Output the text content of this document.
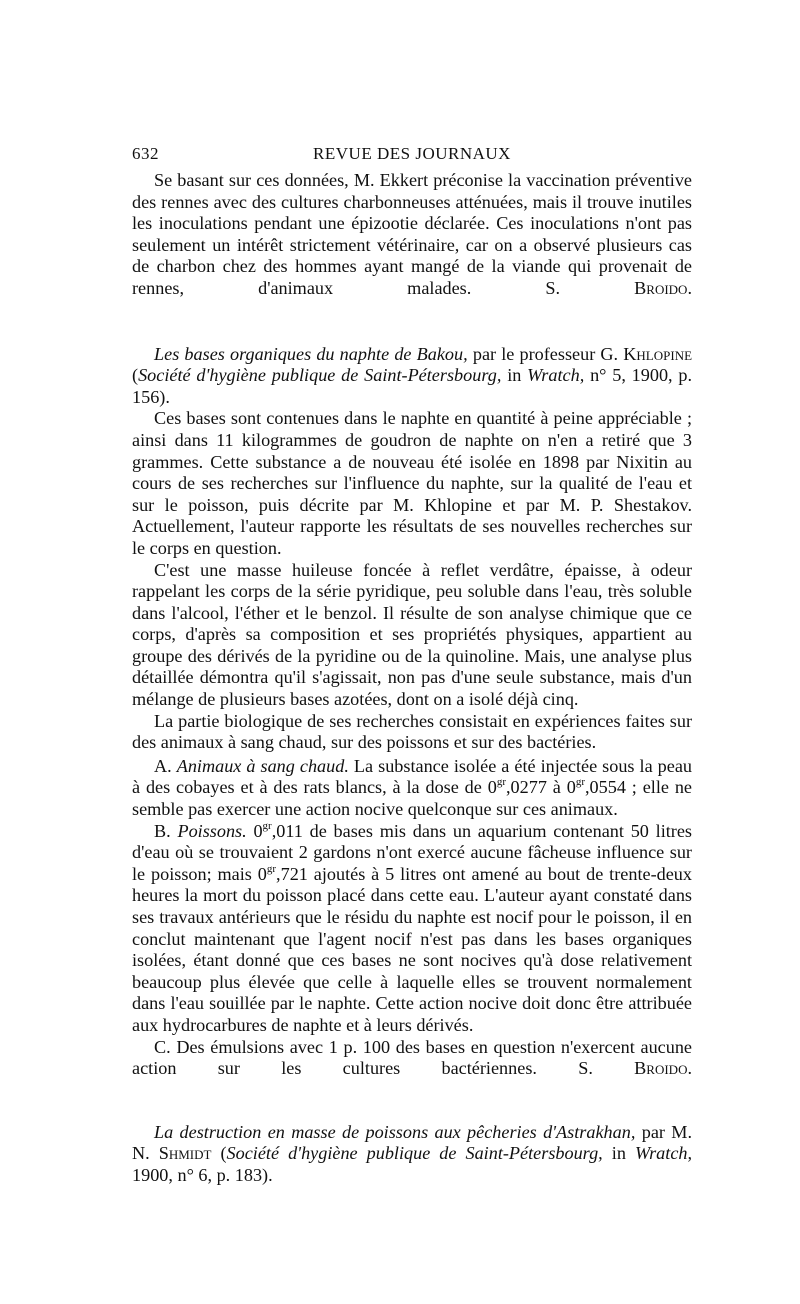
632	REVUE DES JOURNAUX

Se basant sur ces données, M. Ekkert préconise la vaccination préventive des rennes avec des cultures charbonneuses atténuées, mais il trouve inutiles les inoculations pendant une épizootie déclarée. Ces inoculations n'ont pas seulement un intérêt strictement vétérinaire, car on a observé plusieurs cas de charbon chez des hommes ayant mangé de la viande qui provenait de rennes, d'animaux malades.	S. Broido.

Les bases organiques du naphte de Bakou, par le professeur G. Khlopine (Société d'hygiène publique de Saint-Pétersbourg, in Wratch, n° 5, 1900, p. 156).

Ces bases sont contenues dans le naphte en quantité à peine appréciable ; ainsi dans 11 kilogrammes de goudron de naphte on n'en a retiré que 3 grammes. Cette substance a de nouveau été isolée en 1898 par Nixitin au cours de ses recherches sur l'influence du naphte, sur la qualité de l'eau et sur le poisson, puis décrite par M. Khlopine et par M. P. Shestakov. Actuellement, l'auteur rapporte les résultats de ses nouvelles recherches sur le corps en question.

C'est une masse huileuse foncée à reflet verdâtre, épaisse, à odeur rappelant les corps de la série pyridique, peu soluble dans l'eau, très soluble dans l'alcool, l'éther et le benzol. Il résulte de son analyse chimique que ce corps, d'après sa composition et ses propriétés physiques, appartient au groupe des dérivés de la pyridine ou de la quinoline. Mais, une analyse plus détaillée démontra qu'il s'agissait, non pas d'une seule substance, mais d'un mélange de plusieurs bases azotées, dont on a isolé déjà cinq.

La partie biologique de ses recherches consistait en expériences faites sur des animaux à sang chaud, sur des poissons et sur des bactéries.

A. Animaux à sang chaud. La substance isolée a été injectée sous la peau à des cobayes et à des rats blancs, à la dose de $0^{gr},0277$ à $0^{gr},0554$ ; elle ne semble pas exercer une action nocive quelconque sur ces animaux.

B. Poissons. $0^{gr},011$ de bases mis dans un aquarium contenant 50 litres d'eau où se trouvaient 2 gardons n'ont exercé aucune fâcheuse influence sur le poisson; mais $0^{gr},721$ ajoutés à 5 litres ont amené au bout de trente-deux heures la mort du poisson placé dans cette eau. L'auteur ayant constaté dans ses travaux antérieurs que le résidu du naphte est nocif pour le poisson, il en conclut maintenant que l'agent nocif n'est pas dans les bases organiques isolées, étant donné que ces bases ne sont nocives qu'à dose relativement beaucoup plus élevée que celle à laquelle elles se trouvent normalement dans l'eau souillée par le naphte. Cette action nocive doit donc être attribuée aux hydrocarbures de naphte et à leurs dérivés.

C. Des émulsions avec 1 p. 100 des bases en question n'exercent aucune action sur les cultures bactériennes. S. Broido.

La destruction en masse de poissons aux pêcheries d'Astrakhan, par M. N. Shmidt (Société d'hygiène publique de Saint-Pétersbourg, in Wratch, 1900, n° 6, p. 183).
